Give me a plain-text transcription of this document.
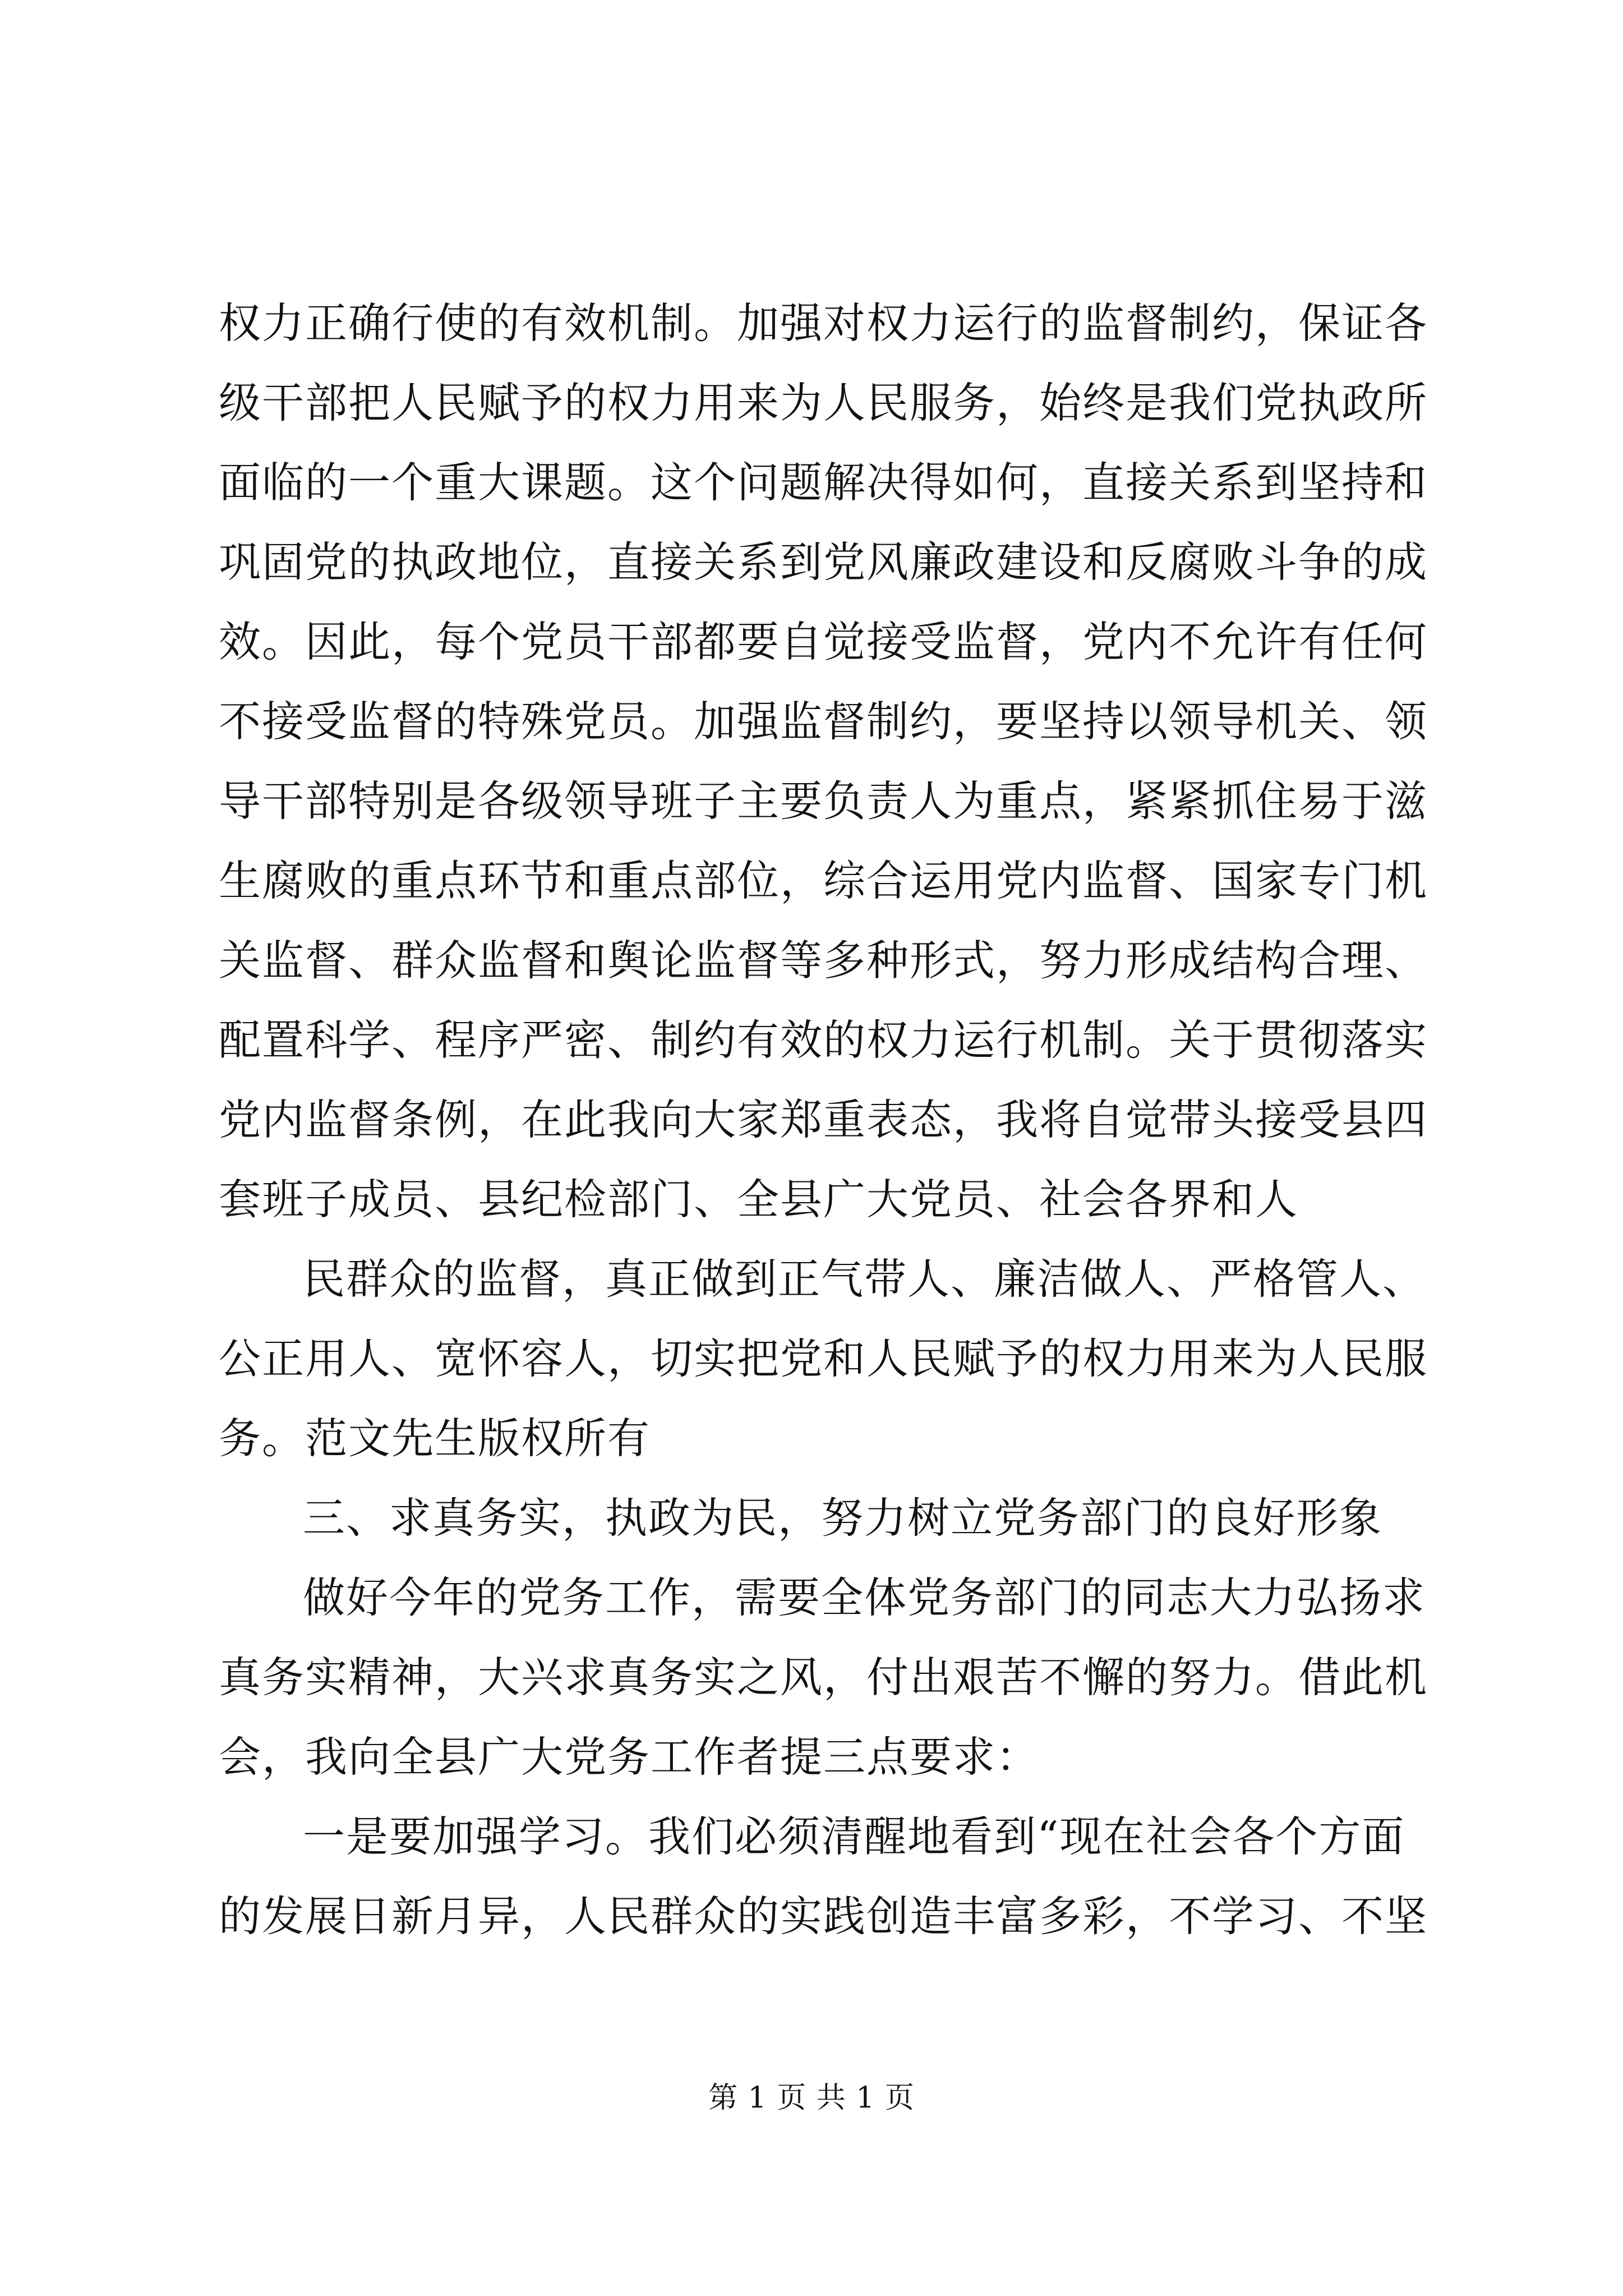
权力正确行使的有效机制。加强对权力运行的监督制约，保证各
级干部把人民赋予的权力用来为人民服务，始终是我们党执政所
面临的一个重大课题。这个问题解决得如何，直接关系到坚持和
巩固党的执政地位，直接关系到党风廉政建设和反腐败斗争的成
效。因此，每个党员干部都要自觉接受监督，党内不允许有任何
不接受监督的特殊党员。加强监督制约，要坚持以领导机关、领
导干部特别是各级领导班子主要负责人为重点，紧紧抓住易于滋
生腐败的重点环节和重点部位，综合运用党内监督、国家专门机
关监督、群众监督和舆论监督等多种形式，努力形成结构合理、
配置科学、程序严密、制约有效的权力运行机制。关于贯彻落实
党内监督条例，在此我向大家郑重表态，我将自觉带头接受县四
套班子成员、县纪检部门、全县广大党员、社会各界和人
民群众的监督，真正做到正气带人、廉洁做人、严格管人、
公正用人、宽怀容人，切实把党和人民赋予的权力用来为人民服
务。范文先生版权所有
三、求真务实，执政为民，努力树立党务部门的良好形象
做好今年的党务工作，需要全体党务部门的同志大力弘扬求
真务实精神，大兴求真务实之风，付出艰苦不懈的努力。借此机
会，我向全县广大党务工作者提三点要求：
一是要加强学习。我们必须清醒地看到“现在社会各个方面
的发展日新月异，人民群众的实践创造丰富多彩，不学习、不坚
第 1 页 共 1 页
